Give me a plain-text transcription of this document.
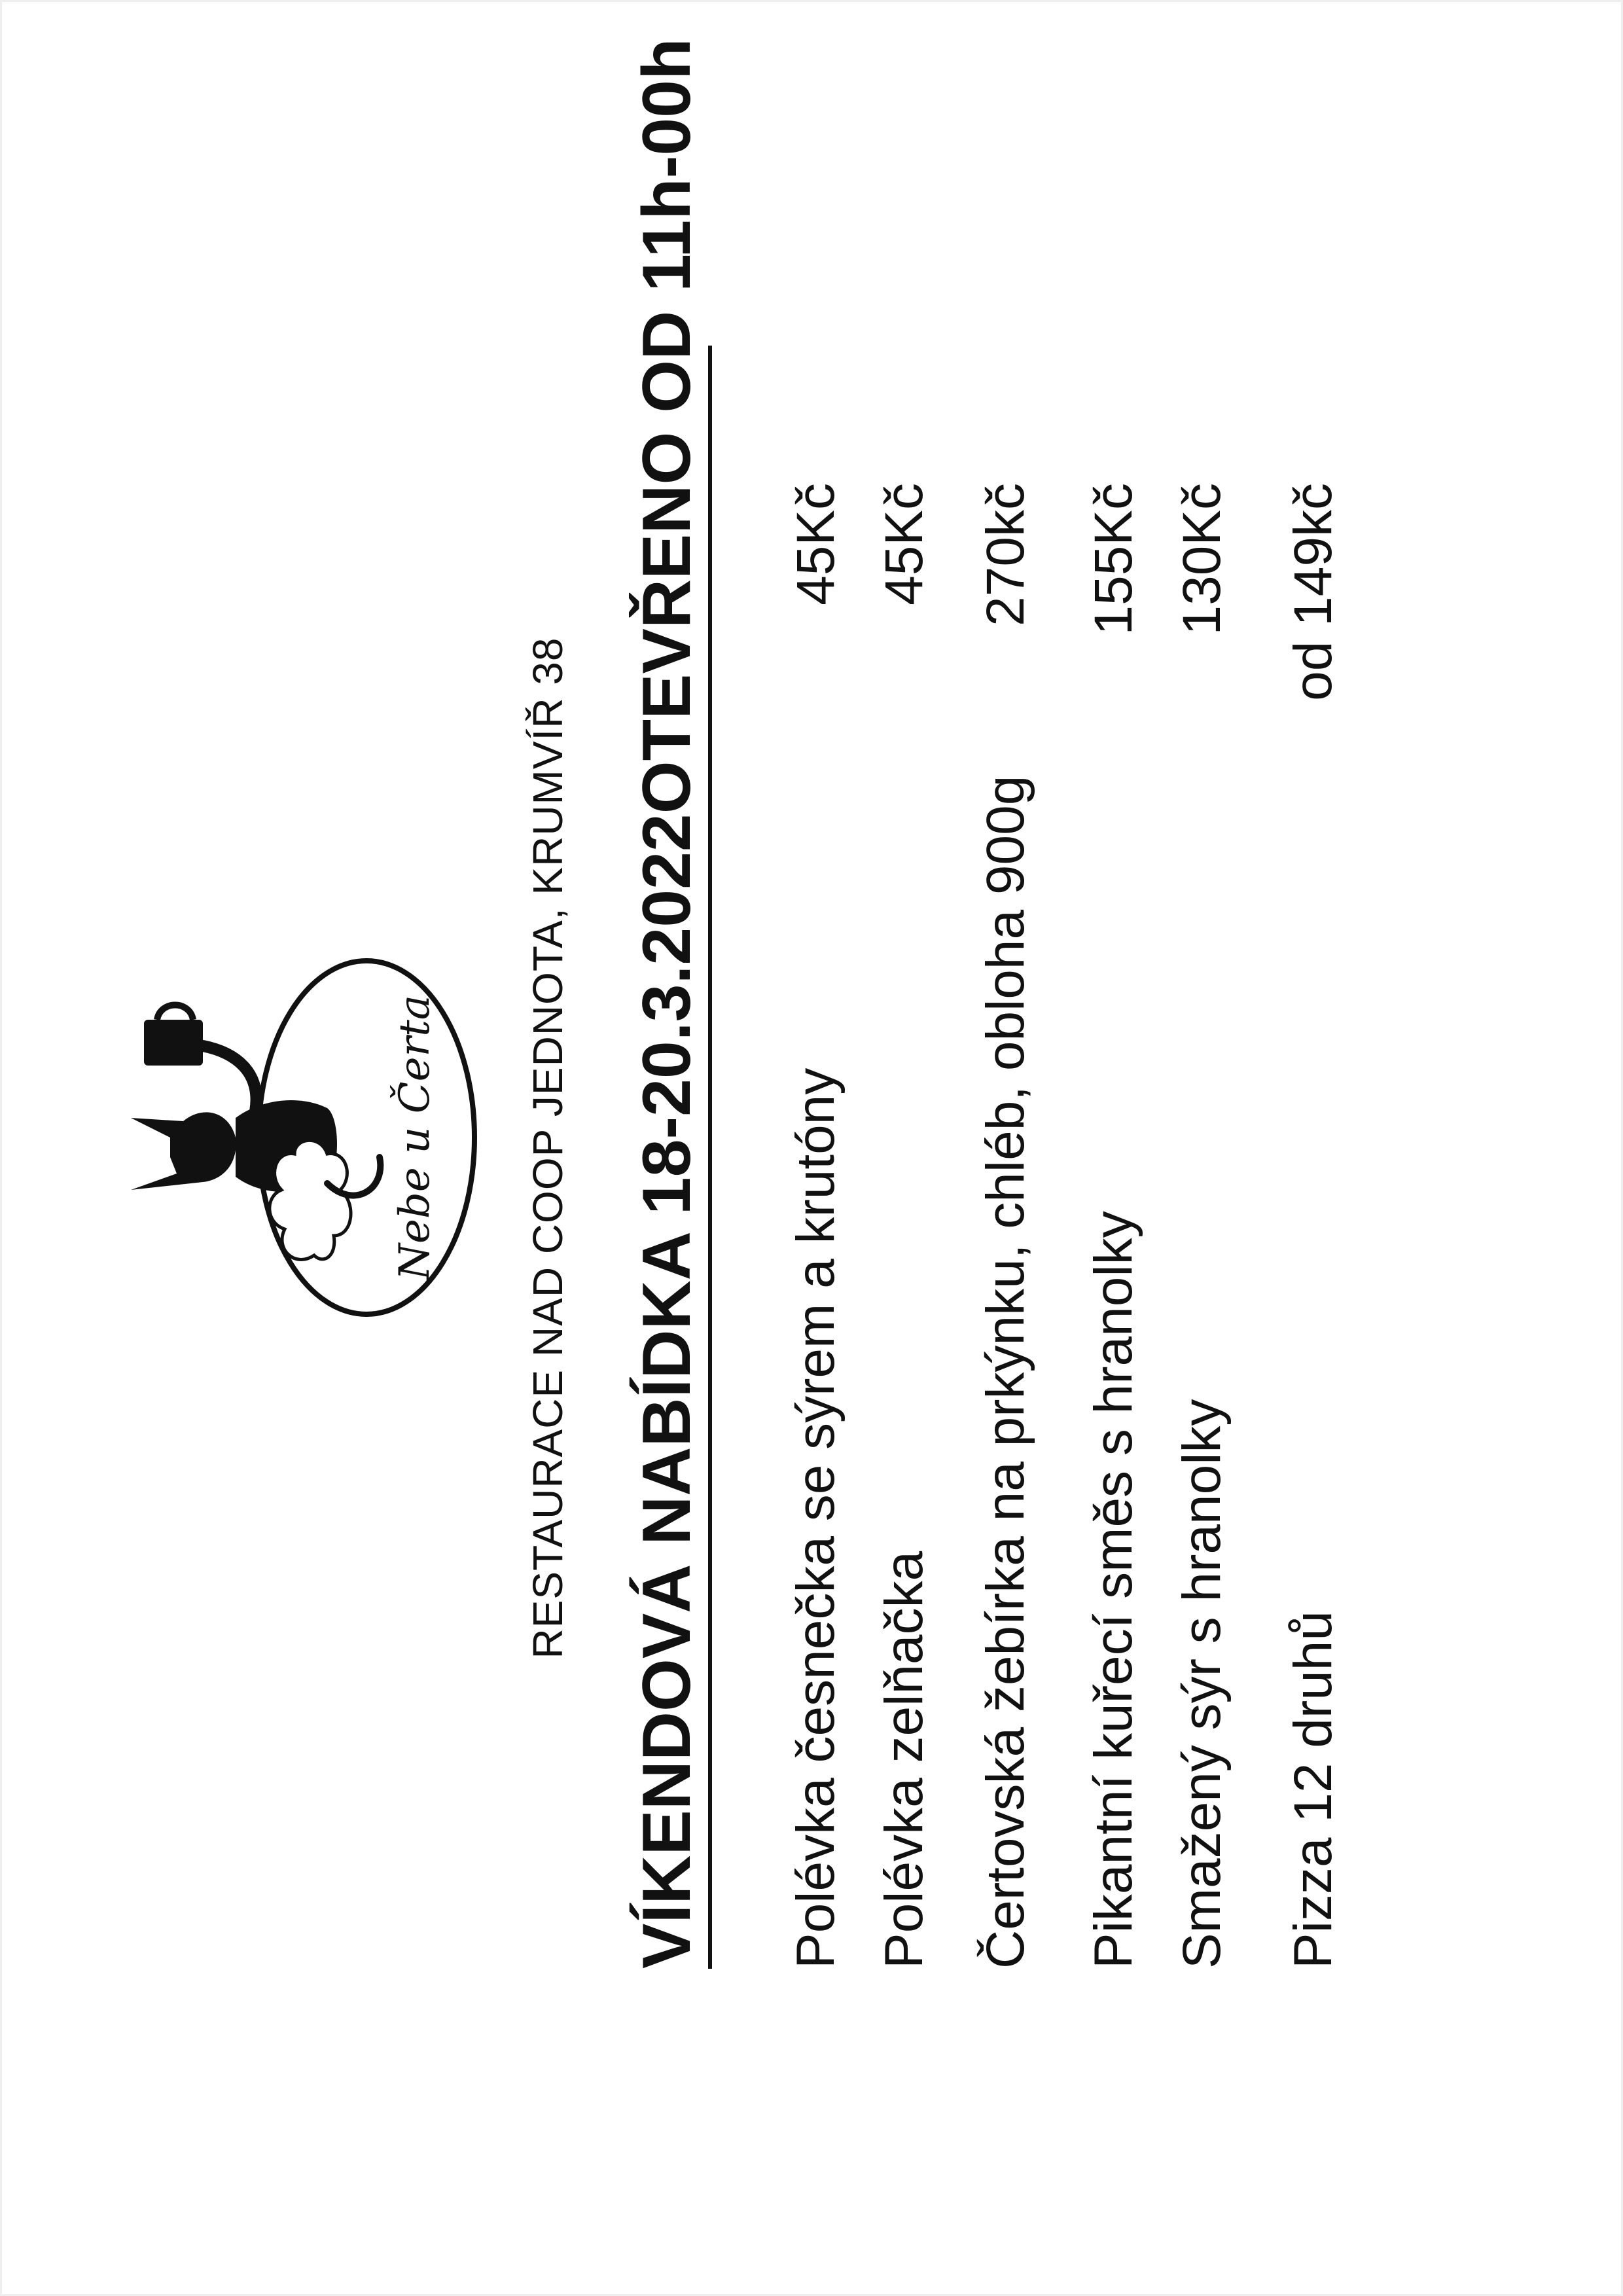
Nebe u Čerta RESTAURACE NAD COOP JEDNOTA, KRUMVÍŘ 38 VÍKENDOVÁ NABÍDKA 18-20.3.2022
OTEVŘENO OD 11h-00h
Polévka česnečka se sýrem a krutóny
45Kč
Polévka zelňačka
45Kč
Čertovská žebírka na prkýnku, chléb, obloha 900g
270kč
Pikantní kuřecí směs s hranolky
155Kč
Smažený sýr s hranolky
130Kč
Pizza 12 druhů
od 149kč
